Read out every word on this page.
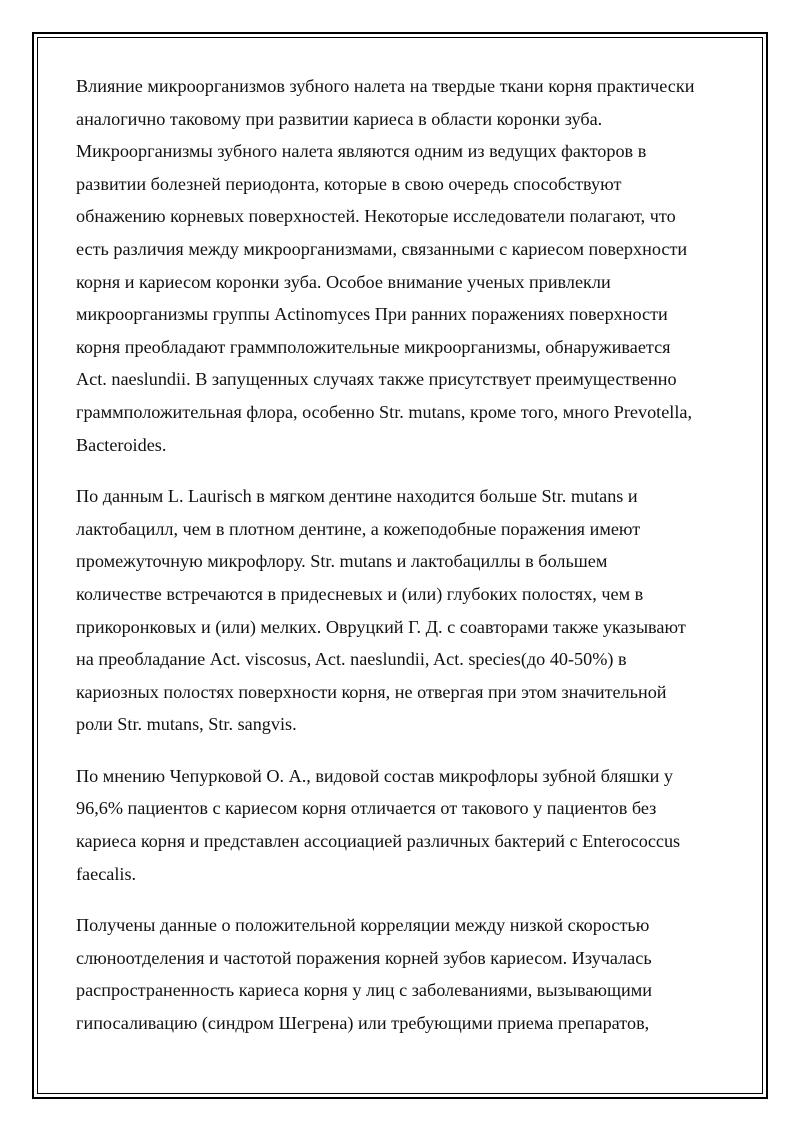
Влияние микроорганизмов зубного налета на твердые ткани корня практически
аналогично таковому при развитии кариеса в области коронки зуба.
Микроорганизмы зубного налета являются одним из ведущих факторов в
развитии болезней периодонта, которые в свою очередь способствуют
обнажению корневых поверхностей. Некоторые исследователи полагают, что
есть различия между микроорганизмами, связанными с кариесом поверхности
корня и кариесом коронки зуба. Особое внимание ученых привлекли
микроорганизмы группы Actinomyces При ранних поражениях поверхности
корня преобладают граммположительные микроорганизмы, обнаруживается
Act. naeslundii. В запущенных случаях также присутствует преимущественно
граммположительная флора, особенно Str. mutans, кроме того, много Prevotella,
Bacteroides.

По данным L. Laurisch в мягком дентине находится больше Str. mutans и
лактобацилл, чем в плотном дентине, а кожеподобные поражения имеют
промежуточную микрофлору. Str. mutans и лактобациллы в большем
количестве встречаются в придесневых и (или) глубоких полостях, чем в
прикоронковых и (или) мелких. Овруцкий Г. Д. с соавторами также указывают
на преобладание Act. viscosus, Act. naeslundii, Act. species(до 40-50%) в
кариозных полостях поверхности корня, не отвергая при этом значительной
роли Str. mutans, Str. sangvis.

По мнению Чепурковой О. А., видовой состав микрофлоры зубной бляшки у
96,6% пациентов с кариесом корня отличается от такового у пациентов без
кариеса корня и представлен ассоциацией различных бактерий с Enterococcus
faecalis.

Получены данные о положительной корреляции между низкой скоростью
слюноотделения и частотой поражения корней зубов кариесом. Изучалась
распространенность кариеса корня у лиц с заболеваниями, вызывающими
гипосаливацию (синдром Шегрена) или требующими приема препаратов,
